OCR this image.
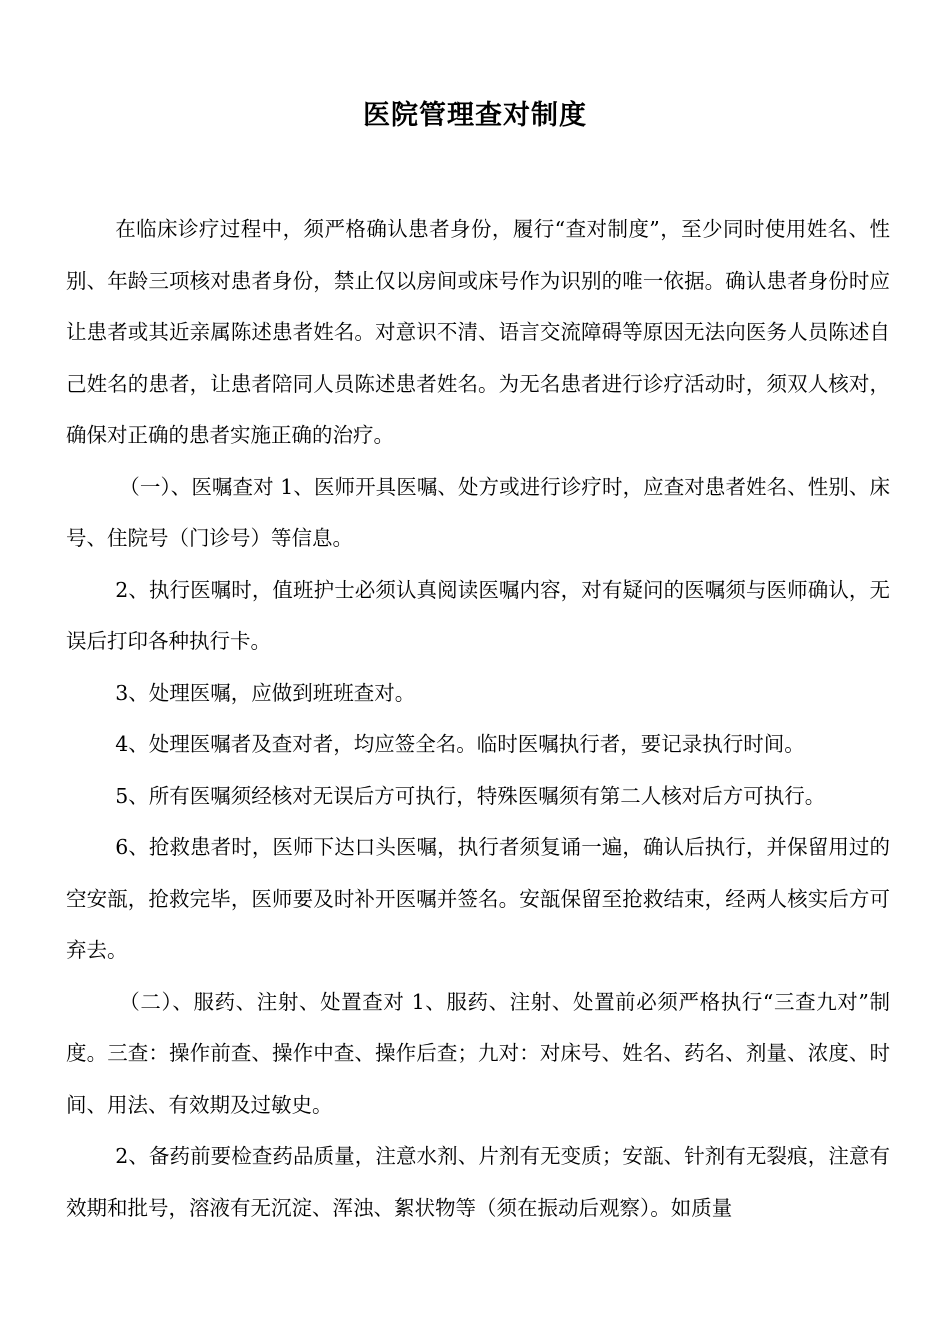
医院管理查对制度

在临床诊疗过程中，须严格确认患者身份，履行“查对制度”，至少同时使用姓名、性别、年龄三项核对患者身份，禁止仅以房间或床号作为识别的唯一依据。确认患者身份时应让患者或其近亲属陈述患者姓名。对意识不清、语言交流障碍等原因无法向医务人员陈述自己姓名的患者，让患者陪同人员陈述患者姓名。为无名患者进行诊疗活动时，须双人核对，确保对正确的患者实施正确的治疗。

（一）、医嘱查对 1、医师开具医嘱、处方或进行诊疗时，应查对患者姓名、性别、床号、住院号（门诊号）等信息。

2、执行医嘱时，值班护士必须认真阅读医嘱内容，对有疑问的医嘱须与医师确认，无误后打印各种执行卡。

3、处理医嘱，应做到班班查对。

4、处理医嘱者及查对者，均应签全名。临时医嘱执行者，要记录执行时间。

5、所有医嘱须经核对无误后方可执行，特殊医嘱须有第二人核对后方可执行。

6、抢救患者时，医师下达口头医嘱，执行者须复诵一遍，确认后执行，并保留用过的空安瓿，抢救完毕，医师要及时补开医嘱并签名。安瓿保留至抢救结束，经两人核实后方可弃去。

（二）、服药、注射、处置查对 1、服药、注射、处置前必须严格执行“三查九对”制度。三查：操作前查、操作中查、操作后查；九对：对床号、姓名、药名、剂量、浓度、时间、用法、有效期及过敏史。

2、备药前要检查药品质量，注意水剂、片剂有无变质；安瓿、针剂有无裂痕，注意有效期和批号，溶液有无沉淀、浑浊、絮状物等（须在振动后观察）。如质量
